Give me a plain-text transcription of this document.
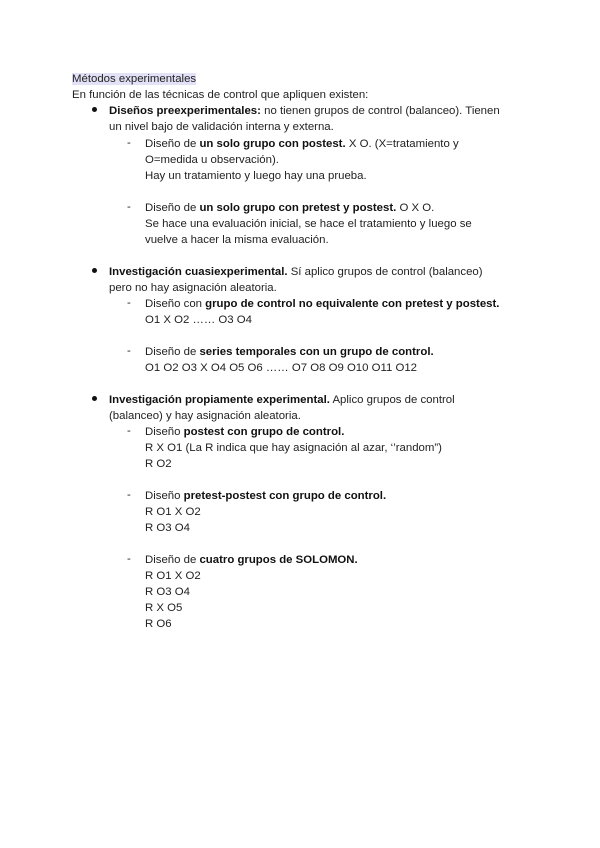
Métodos experimentales
En función de las técnicas de control que apliquen existen:
Diseños preexperimentales: no tienen grupos de control (balanceo). Tienen
un nivel bajo de validación interna y externa.
- Diseño de un solo grupo con postest. X O. (X=tratamiento y
O=medida u observación).
Hay un tratamiento y luego hay una prueba.
- Diseño de un solo grupo con pretest y postest. O X O.
Se hace una evaluación inicial, se hace el tratamiento y luego se
vuelve a hacer la misma evaluación.
Investigación cuasiexperimental. Sí aplico grupos de control (balanceo)
pero no hay asignación aleatoria.
- Diseño con grupo de control no equivalente con pretest y postest.
O1 X O2 …… O3 O4
- Diseño de series temporales con un grupo de control.
O1 O2 O3 X O4 O5 O6 …… O7 O8 O9 O10 O11 O12
Investigación propiamente experimental. Aplico grupos de control
(balanceo) y hay asignación aleatoria.
- Diseño postest con grupo de control.
R X O1 (La R indica que hay asignación al azar, ‘’random”)
R O2
- Diseño pretest-postest con grupo de control.
R O1 X O2
R O3 O4
- Diseño de cuatro grupos de SOLOMON.
R O1 X O2
R O3 O4
R X O5
R O6
